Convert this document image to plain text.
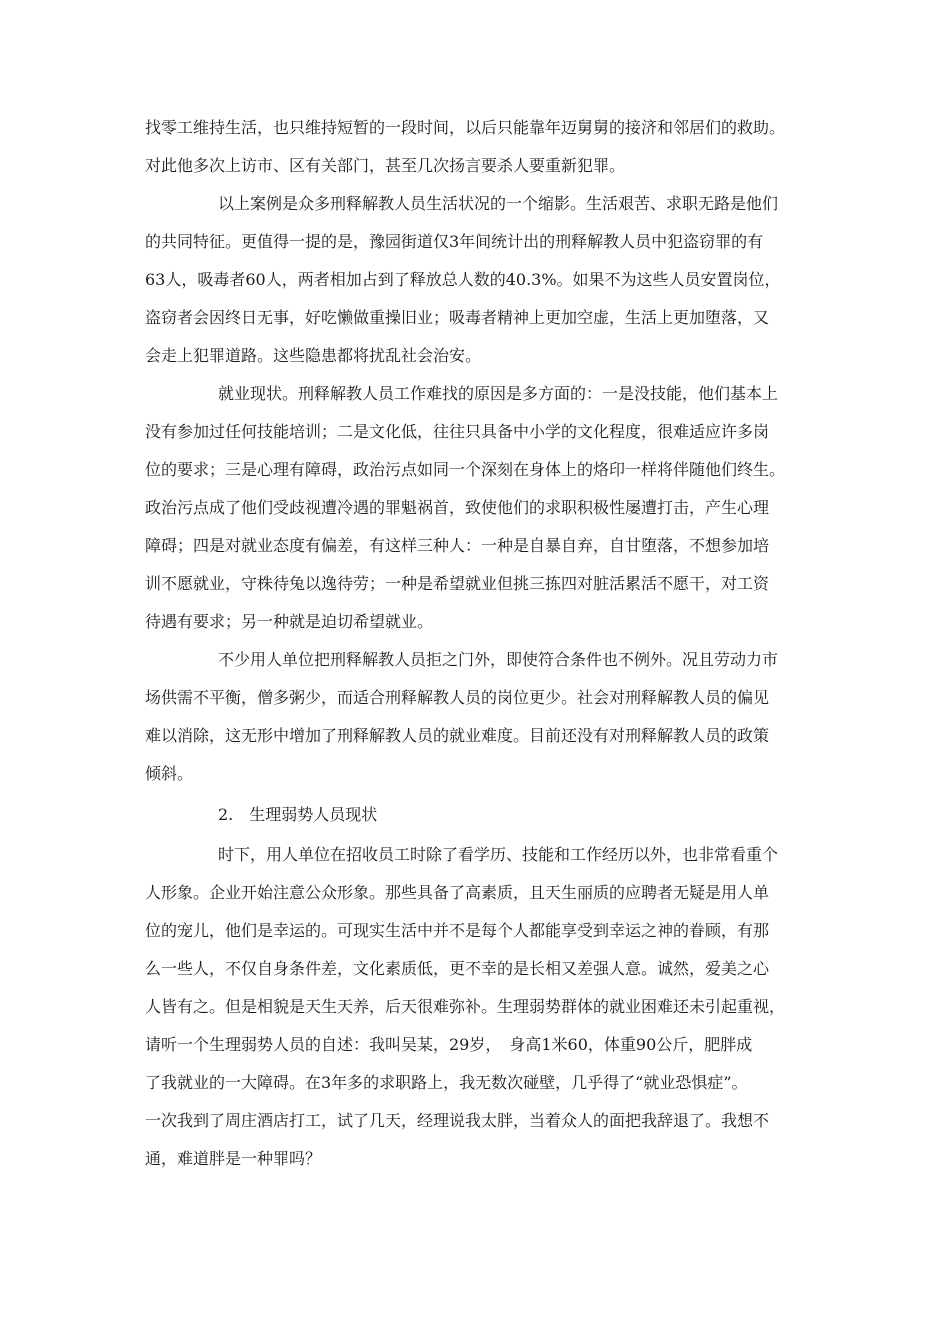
找零工维持生活，也只维持短暂的一段时间，以后只能靠年迈舅舅的接济和邻居们的救助。
对此他多次上访市、区有关部门，甚至几次扬言要杀人要重新犯罪。
以上案例是众多刑释解教人员生活状况的一个缩影。生活艰苦、求职无路是他们
的共同特征。更值得一提的是，豫园街道仅3年间统计出的刑释解教人员中犯盗窃罪的有
63人，吸毒者60人，两者相加占到了释放总人数的40.3%。如果不为这些人员安置岗位，
盗窃者会因终日无事，好吃懒做重操旧业；吸毒者精神上更加空虚，生活上更加堕落，又
会走上犯罪道路。这些隐患都将扰乱社会治安。
就业现状。刑释解教人员工作难找的原因是多方面的：一是没技能，他们基本上
没有参加过任何技能培训；二是文化低，往往只具备中小学的文化程度，很难适应许多岗
位的要求；三是心理有障碍，政治污点如同一个深刻在身体上的烙印一样将伴随他们终生。
政治污点成了他们受歧视遭冷遇的罪魁祸首，致使他们的求职积极性屡遭打击，产生心理
障碍；四是对就业态度有偏差，有这样三种人：一种是自暴自弃，自甘堕落，不想参加培
训不愿就业，守株待兔以逸待劳；一种是希望就业但挑三拣四对脏活累活不愿干，对工资
待遇有要求；另一种就是迫切希望就业。
不少用人单位把刑释解教人员拒之门外，即使符合条件也不例外。况且劳动力市
场供需不平衡，僧多粥少，而适合刑释解教人员的岗位更少。社会对刑释解教人员的偏见
难以消除，这无形中增加了刑释解教人员的就业难度。目前还没有对刑释解教人员的政策
倾斜。
2.　生理弱势人员现状
时下，用人单位在招收员工时除了看学历、技能和工作经历以外，也非常看重个
人形象。企业开始注意公众形象。那些具备了高素质，且天生丽质的应聘者无疑是用人单
位的宠儿，他们是幸运的。可现实生活中并不是每个人都能享受到幸运之神的眷顾，有那
么一些人，不仅自身条件差，文化素质低，更不幸的是长相又差强人意。诚然，爱美之心
人皆有之。但是相貌是天生天养，后天很难弥补。生理弱势群体的就业困难还未引起重视，
请听一个生理弱势人员的自述：我叫吴某，29岁，　身高1米60，体重90公斤，肥胖成
了我就业的一大障碍。在3年多的求职路上，我无数次碰壁，几乎得了“就业恐惧症”。
一次我到了周庄酒店打工，试了几天，经理说我太胖，当着众人的面把我辞退了。我想不
通，难道胖是一种罪吗？
